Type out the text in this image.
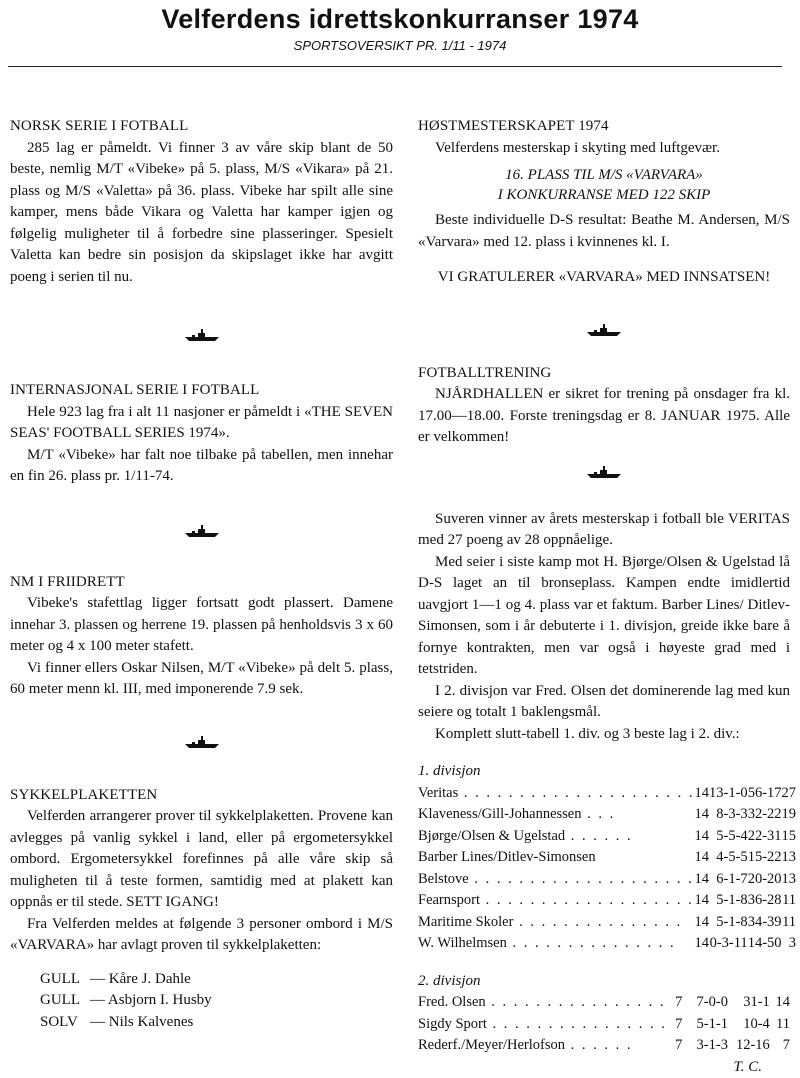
Velferdens idrettskonkurranser 1974
SPORTSOVERSIKT PR. 1/11 - 1974
NORSK SERIE I FOTBALL

285 lag er påmeldt. Vi finner 3 av våre skip blant de 50 beste, nemlig M/T «Vibeke» på 5. plass, M/S «Vikara» på 21. plass og M/S «Valetta» på 36. plass. Vibeke har spilt alle sine kamper, mens både Vikara og Valetta har kamper igjen og følgelig muligheter til å forbedre sine plasseringer. Spesielt Valetta kan bedre sin posisjon da skipslaget ikke har avgitt poeng i serien til nu.

INTERNASJONAL SERIE I FOTBALL

Hele 923 lag fra i alt 11 nasjoner er påmeldt i «THE SEVEN SEAS' FOOTBALL SERIES 1974».

M/T «Vibeke» har falt noe tilbake på tabellen, men innehar en fin 26. plass pr. 1/11-74.

NM I FRIIDRETT

Vibeke's stafettlag ligger fortsatt godt plassert. Damene innehar 3. plassen og herrene 19. plassen på henholdsvis 3 x 60 meter og 4 x 100 meter stafett.

Vi finner ellers Oskar Nilsen, M/T «Vibeke» på delt 5. plass, 60 meter menn kl. III, med imponerende 7.9 sek.

SYKKELPLAKETTEN

Velferden arrangerer prover til sykkelplaketten. Provene kan avlegges på vanlig sykkel i land, eller på ergometersykkel ombord. Ergometersykkel forefinnes på alle våre skip så muligheten til å teste formen, samtidig med at plakett kan oppnås er til stede. SETT IGANG!

Fra Velferden meldes at følgende 3 personer ombord i M/S «VARVARA» har avlagt proven til sykkelplaketten:

GULL — Kåre J. Dahle
GULL — Asbjorn I. Husby
SOLV — Nils Kalvenes
HØSTMESTERSKAPET 1974

Velferdens mesterskap i skyting med luftgevær.

16. PLASS TIL M/S «VARVARA»
I KONKURRANSE MED 122 SKIP

Beste individuelle D-S resultat: Beathe M. Andersen, M/S «Varvara» med 12. plass i kvinnenes kl. I.

VI GRATULERER «VARVARA» MED INNSATSEN!
FOTBALLTRENING

NJÅRDHALLEN er sikret for trening på onsdager fra kl. 17.00—18.00. Forste treningsdag er 8. JANUAR 1975. Alle er velkommen!

Suveren vinner av årets mesterskap i fotball ble VERITAS med 27 poeng av 28 oppnåelige.

Med seier i siste kamp mot H. Bjørge/Olsen & Ugelstad lå D-S laget an til bronseplass. Kampen endte imidlertid uavgjort 1—1 og 4. plass var et faktum. Barber Lines/ Ditlev-Simonsen, som i år debuterte i 1. divisjon, greide ikke bare å fornye kontrakten, men var også i høyeste grad med i tetstriden.

I 2. divisjon var Fred. Olsen det dominerende lag med kun seiere og totalt 1 baklengsmål.

Komplett slutt-tabell 1. div. og 3 beste lag i 2. div.:

1. divisjon
Veritas . . . . . . . . . . . . . . . . . . . . .	14	13-1-0	56-17	27
Klaveness/Gill-Johannessen . . .	14	8-3-3	32-22	19
Bjørge/Olsen & Ugelstad . . . . . .	14	5-5-4	22-31	15
Barber Lines/Ditlev-Simonsen	14	4-5-5	15-22	13
Belstove . . . . . . . . . . . . . . . . . . . .	14	6-1-7	20-20	13
Fearnsport . . . . . . . . . . . . . . . . . . .	14	5-1-8	36-28	11
Maritime Skoler . . . . . . . . . . . . . . .	14	5-1-8	34-39	11
W. Wilhelmsen . . . . . . . . . . . . . . .	14	0-3-11	14-50	3
2. divisjon
Fred. Olsen . . . . . . . . . . . . . . . .	7	7-0-0	31-1	14
Sigdy Sport . . . . . . . . . . . . . . . .	7	5-1-1	10-4	11
Rederf./Meyer/Herlofson . . . . . .	7	3-1-3	12-16	7
T. C.
